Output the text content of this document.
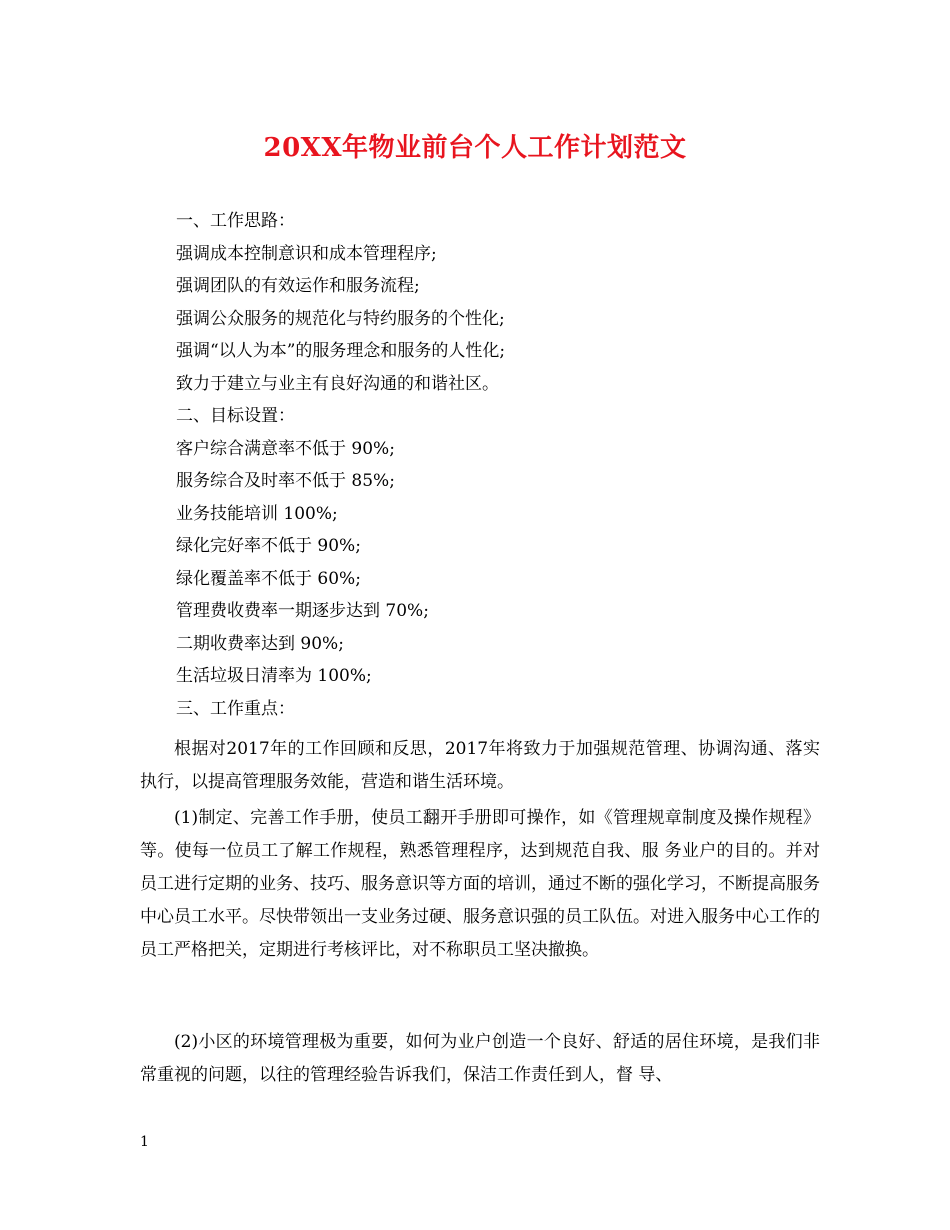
20XX年物业前台个人工作计划范文
一、工作思路：
强调成本控制意识和成本管理程序;
强调团队的有效运作和服务流程;
强调公众服务的规范化与特约服务的个性化;
强调“以人为本”的服务理念和服务的人性化;
致力于建立与业主有良好沟通的和谐社区。
二、目标设置：
客户综合满意率不低于 90%;
服务综合及时率不低于 85%;
业务技能培训 100%;
绿化完好率不低于 90%;
绿化覆盖率不低于 60%;
管理费收费率一期逐步达到 70%;
二期收费率达到 90%;
生活垃圾日清率为 100%;
三、工作重点：

根据对2017年的工作回顾和反思，2017年将致力于加强规范管理、协调沟通、落实执行，以提高管理服务效能，营造和谐生活环境。

(1)制定、完善工作手册，使员工翻开手册即可操作，如《管理规章制度及操作规程》等。使每一位员工了解工作规程，熟悉管理程序，达到规范自我、服 务业户的目的。并对员工进行定期的业务、技巧、服务意识等方面的培训，通过不断的强化学习，不断提高服务中心员工水平。尽快带领出一支业务过硬、服务意识强的员工队伍。对进入服务中心工作的员工严格把关，定期进行考核评比，对不称职员工坚决撤换。

(2)小区的环境管理极为重要，如何为业户创造一个良好、舒适的居住环境，是我们非常重视的问题，以往的管理经验告诉我们，保洁工作责任到人，督 导、

1
